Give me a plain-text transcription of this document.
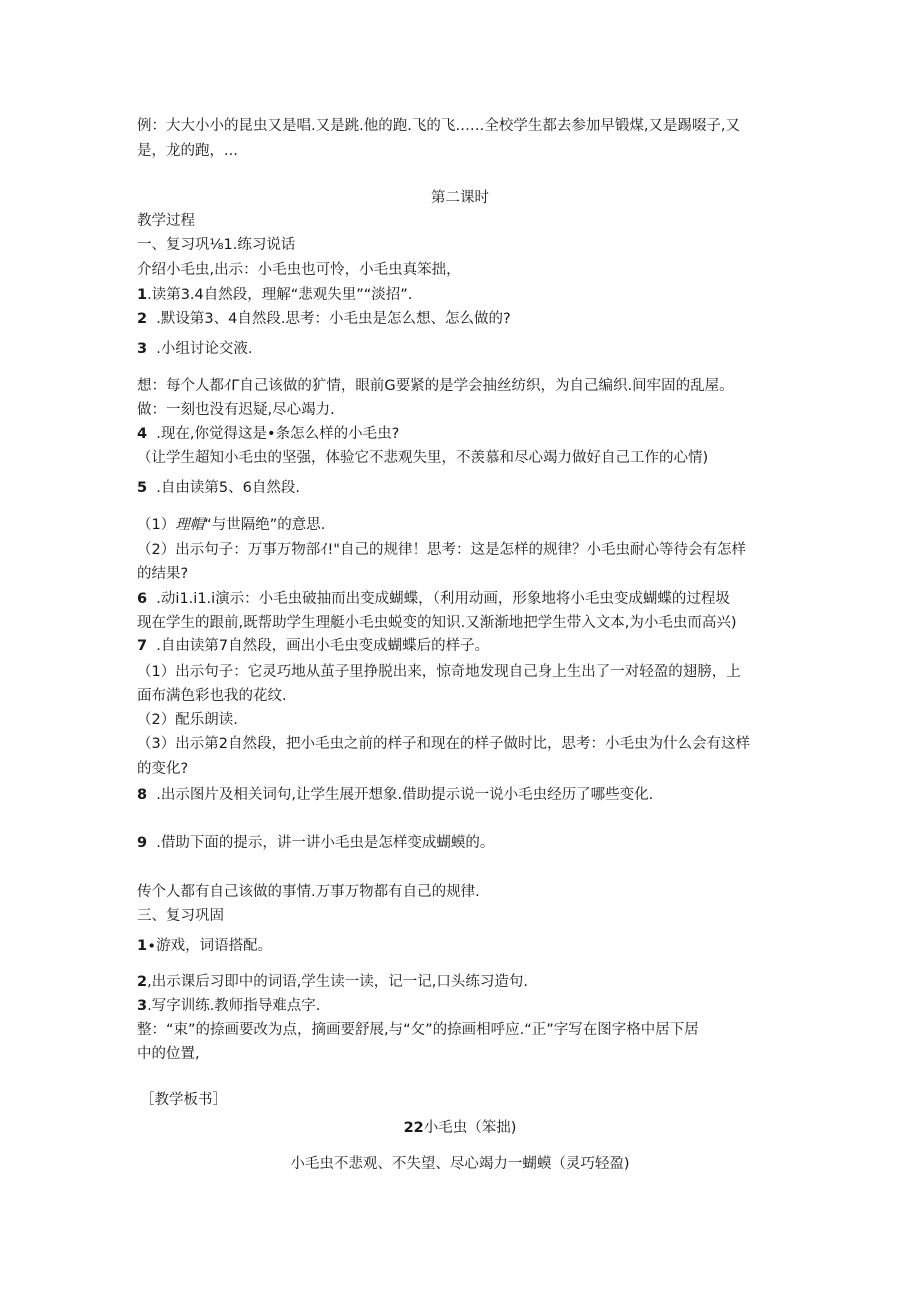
例：大大小小的昆虫又是唱.又是跳.他的跑.飞的飞……全校学生都去参加早锻煤,又是踢啜子,又

是，龙的跑，...

第二课时

教学过程

一、复习巩⅛1.练习说话

介绍小毛虫,出示：小毛虫也可怜，小毛虫真笨拙，

1.读第3.4自然段，理解“悲观失里”“淡招”.

2  .默设第3、4自然段.思考：小毛虫是怎么想、怎么做的?

3  .小组讨论交液.

想：每个人都ｲΓ自己该做的犷情，眼前G要紧的是学会抽丝纺织，为自己编织.间牢固的乱屋。

做：一刻也没有迟疑,尽心竭力.

4  .现在,你觉得这是•条怎么样的小毛虫?

（让学生超知小毛虫的坚强，体验它不悲观失里，不羡慕和尽心竭力做好自己工作的心情)

5  .自由读第5、6自然段.

（1）理帽“与世隔绝”的意思.

（2）出示句子：万事万物部ｲ!"自己的规律！思考：这是怎样的规律？小毛虫耐心等待会有怎样

的结果?

6  .动i1.i1.i演示：小毛虫破抽而出变成蝴蝶，（利用动画，形象地将小毛虫变成蝴蝶的过程圾

现在学生的跟前,既帮助学生理艇小毛虫蜕变的知识.又渐渐地把学生带入文本,为小毛虫而高兴)

7  .自由读第7自然段，画出小毛虫变成蝴蝶后的样子。

（1）出示句子：它灵巧地从茧子里挣脱出来，惊奇地发现自己身上生出了一对轻盈的翅膀，上

面布满色彩也我的花纹.

（2）配乐朗读.

（3）出示第2自然段，把小毛虫之前的样子和现在的样子做时比，思考：小毛虫为什么会有这样

的变化?

8  .出示图片及相关词句,让学生展开想象.借助提示说一说小毛虫经历了哪些变化.

9  .借助下面的提示，讲一讲小毛虫是怎样变成蝴蟆的。

传个人都有自己该做的事情.万事万物都有自己的规律.

三、复习巩固

1∙游戏，词语搭配。

2,出示课后习即中的词语,学生读一读，记一记,口头练习造句.

3.写字训练.教师指导难点字.

整：“束”的捺画要改为点，摘画要舒展,与“攵”的捺画相呼应.“正”字写在图字格中居下居

中的位置,

［教学板书］

22小毛虫（笨拙)

小毛虫不悲观、不失望、尽心竭力一蝴蟆（灵巧轻盈)
